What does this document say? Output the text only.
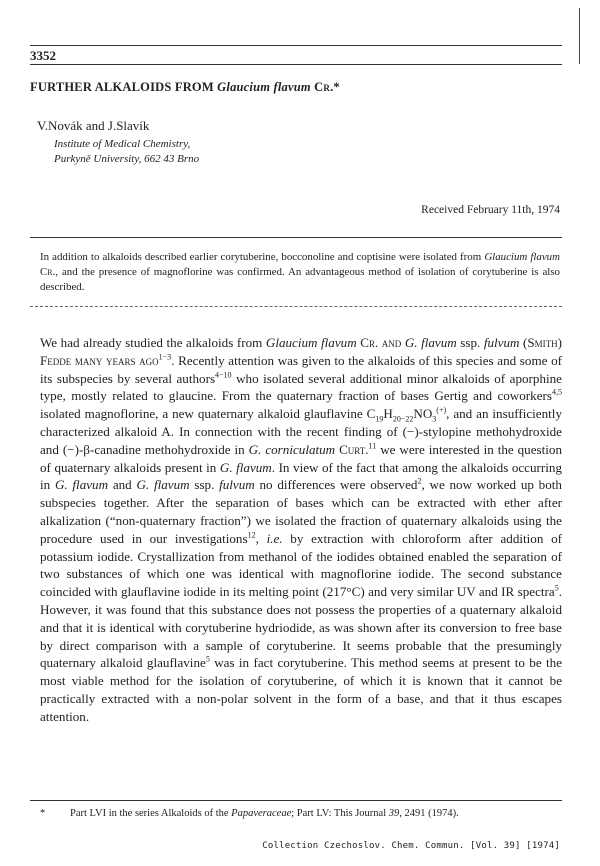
3352
FURTHER ALKALOIDS FROM Glaucium flavum Cr.*
V.Novák and J.Slavík
Institute of Medical Chemistry,
Purkyně University, 662 43 Brno
Received February 11th, 1974
In addition to alkaloids described earlier corytuberine, bocconoline and coptisine were isolated from Glaucium flavum Cr., and the presence of magnoflorine was confirmed. An advantageous method of isolation of corytuberine is also described.

We had already studied the alkaloids from Glaucium flavum Cr. and G. flavum ssp. fulvum (Smith) Fedde many years ago$^{1-3}$. Recently attention was given to the alkaloids of this species and some of its subspecies by several authors$^{4-10}$ who isolated several additional minor alkaloids of aporphine type, mostly related to glaucine. From the quaternary fraction of bases Gertig and coworkers$^{4,5}$ isolated magnoflorine, a new quaternary alkaloid glauflavine $C_{19}H_{20-22}NO_3^{(+)}$, and an insufficiently characterized alkaloid A. In connection with the recent finding of (−)-stylopine methohydroxide and (−)-β-canadine methohydroxide in G. corniculatum Curt.$^{11}$ we were interested in the question of quaternary alkaloids present in G. flavum. In view of the fact that among the alkaloids occurring in G. flavum and G. flavum ssp. fulvum no differences were observed$^2$, we now worked up both subspecies together. After the separation of bases which can be extracted with ether after alkalization (“non-quaternary fraction”) we isolated the fraction of quaternary alkaloids using the procedure used in our investigations$^{12}$, i.e. by extraction with chloroform after addition of potassium iodide. Crystallization from methanol of the iodides obtained enabled the separation of two substances of which one was identical with magnoflorine iodide. The second substance coincided with glauflavine iodide in its melting point (217°C) and very similar UV and IR spectra$^5$. However, it was found that this substance does not possess the properties of a quaternary alkaloid and that it is identical with corytuberine hydriodide, as was shown after its conversion to free base by direct comparison with a sample of corytuberine. It seems probable that the presumingly quaternary alkaloid glauflavine$^5$ was in fact corytuberine. This method seems at present to be the most viable method for the isolation of corytuberine, of which it is known that it cannot be practically extracted with a non-polar solvent in the form of a base, and that it thus escapes attention.

* Part LVI in the series Alkaloids of the Papaveraceae; Part LV: This Journal 39, 2491 (1974).
Collection Czechoslov. Chem. Commun. [Vol. 39] [1974]
